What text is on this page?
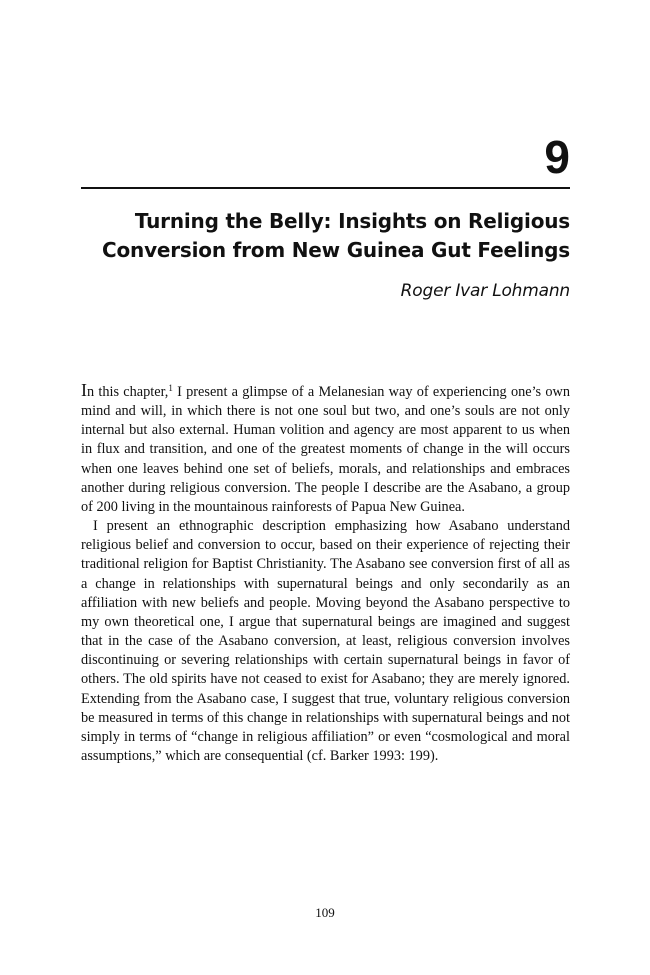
9
Turning the Belly: Insights on Religious
Conversion from New Guinea Gut Feelings

Roger Ivar Lohmann

In this chapter,$^1$ I present a glimpse of a Melanesian way of experiencing one’s own mind and will, in which there is not one soul but two, and one’s souls are not only internal but also external. Human volition and agency are most apparent to us when in flux and transition, and one of the greatest moments of change in the will occurs when one leaves behind one set of beliefs, morals, and relationships and embraces another during religious conversion. The people I describe are the Asabano, a group of 200 living in the mountainous rainforests of Papua New Guinea.

I present an ethnographic description emphasizing how Asabano understand religious belief and conversion to occur, based on their experience of rejecting their traditional religion for Baptist Christianity. The Asabano see conversion first of all as a change in relationships with supernatural beings and only secondarily as an affiliation with new beliefs and people. Moving beyond the Asabano perspective to my own theoretical one, I argue that supernatural beings are imagined and suggest that in the case of the Asabano conversion, at least, religious conversion involves discontinuing or severing relationships with certain supernatural beings in favor of others. The old spirits have not ceased to exist for Asabano; they are merely ignored. Extending from the Asabano case, I suggest that true, voluntary religious conversion be measured in terms of this change in relationships with supernatural beings and not simply in terms of “change in religious affiliation” or even “cosmological and moral assumptions,” which are consequential (cf. Barker 1993: 199).

109
